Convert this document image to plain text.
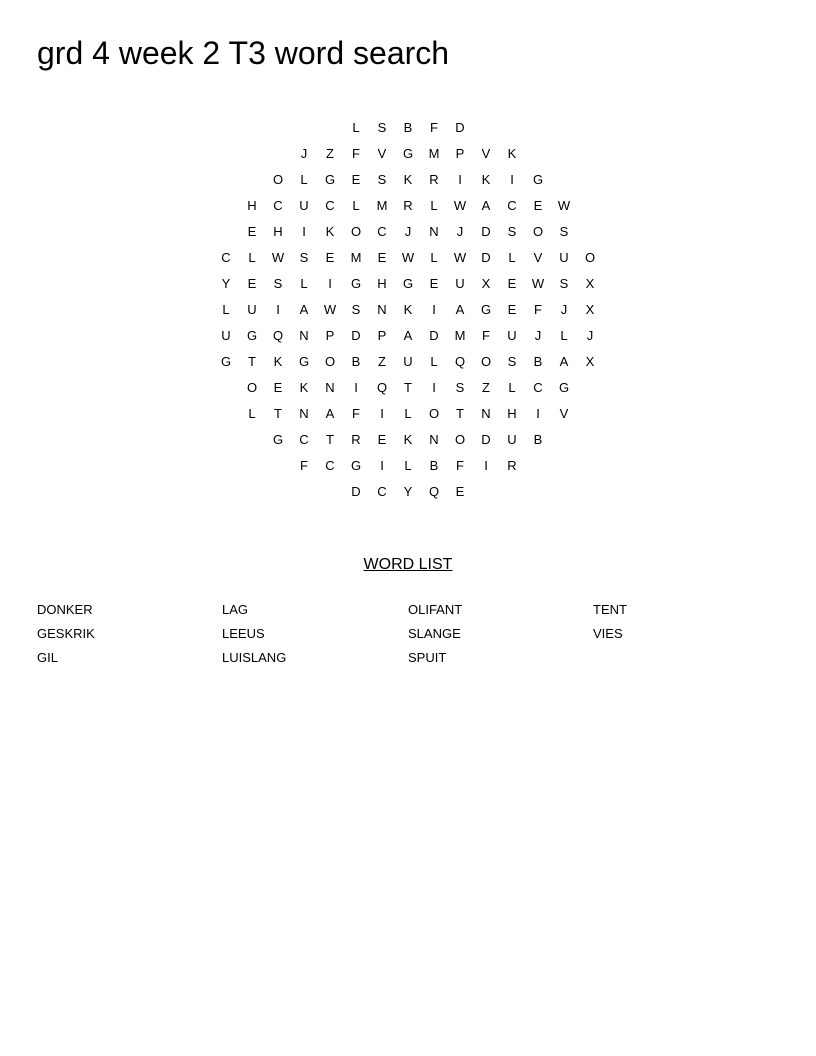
grd 4 week 2 T3 word search
L	S	B	F	D
J	Z	F	V	G	M	P	V	K
O	L	G	E	S	K	R	I	K	I	G
H	C	U	C	L	M	R	L	W	A	C	E	W
E	H	I	K	O	C	J	N	J	D	S	O	S
C	L	W	S	E	M	E	W	L	W	D	L	V	U	O
Y	E	S	L	I	G	H	G	E	U	X	E	W	S	X
L	U	I	A	W	S	N	K	I	A	G	E	F	J	X
U	G	Q	N	P	D	P	A	D	M	F	U	J	L	J
G	T	K	G	O	B	Z	U	L	Q	O	S	B	A	X
O	E	K	N	I	Q	T	I	S	Z	L	C	G
L	T	N	A	F	I	L	O	T	N	H	I	V
G	C	T	R	E	K	N	O	D	U	B
F	C	G	I	L	B	F	I	R
D	C	Y	Q	E
WORD LIST
DONKER
GESKRIK
GIL
LAG
LEEUS
LUISLANG
OLIFANT
SLANGE
SPUIT
TENT
VIES
